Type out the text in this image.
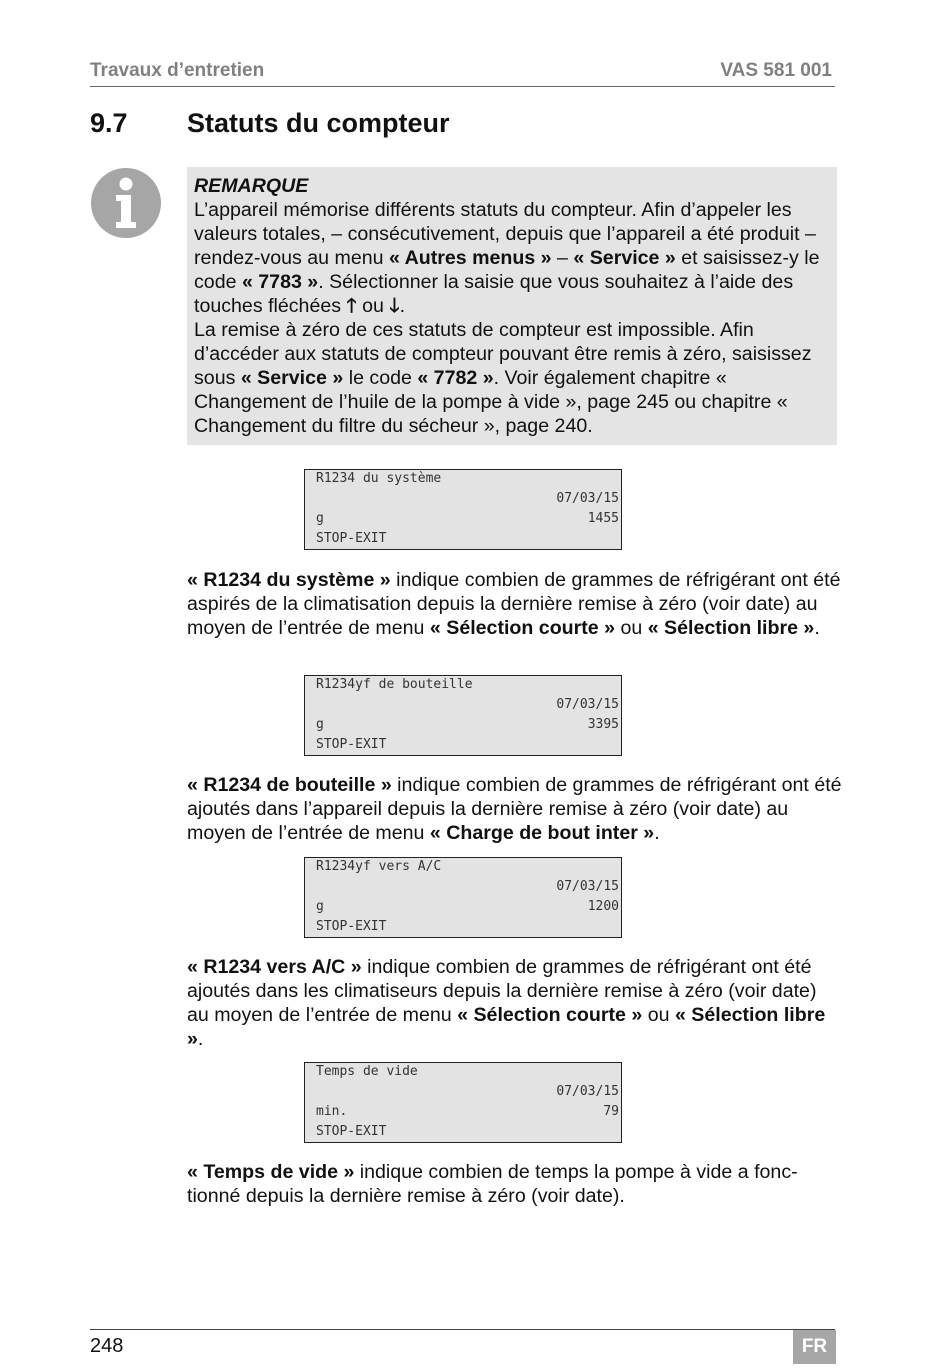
Travaux d’entretien	VAS 581 001
9.7 Statuts du compteur
REMARQUE

L’appareil mémorise différents statuts du compteur. Afin d’appeler les valeurs totales, – consécutivement, depuis que l’appareil a été produit – rendez-vous au menu « Autres menus » – « Service » et saisissez-y le code « 7783 ». Sélectionner la saisie que vous souhaitez à l’aide des touches fléchées 🡑 ou 🡓.

La remise à zéro de ces statuts de compteur est impossible. Afin d’accéder aux statuts de compteur pouvant être remis à zéro, saisissez sous « Service » le code « 7782 ». Voir également chapitre « Changement de l’huile de la pompe à vide », page 245 ou chapitre « Changement du filtre du sécheur », page 240.

R1234 du système
07/03/15
g	1455
STOP-EXIT

« R1234 du système » indique combien de grammes de réfrigérant ont été aspirés de la climatisation depuis la dernière remise à zéro (voir date) au moyen de l’entrée de menu « Sélection courte » ou « Sélection libre ».

R1234yf de bouteille
07/03/15
g	3395
STOP-EXIT

« R1234 de bouteille » indique combien de grammes de réfrigérant ont été ajoutés dans l’appareil depuis la dernière remise à zéro (voir date) au moyen de l’entrée de menu « Charge de bout inter ».

R1234yf vers A/C
07/03/15
g	1200
STOP-EXIT

« R1234 vers A/C » indique combien de grammes de réfrigérant ont été ajoutés dans les climatiseurs depuis la dernière remise à zéro (voir date) au moyen de l’entrée de menu « Sélection courte » ou « Sélection libre ».

Temps de vide
07/03/15
min.	79
STOP-EXIT

« Temps de vide » indique combien de temps la pompe à vide a fonc-tionné depuis la dernière remise à zéro (voir date).

248	FR
